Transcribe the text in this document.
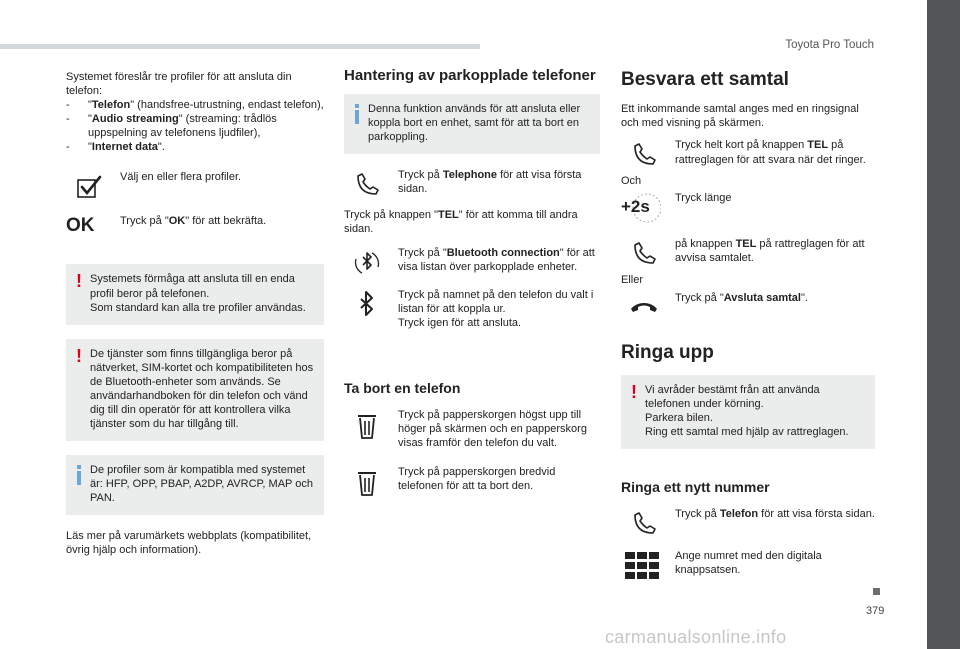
Toyota Pro Touch
379
carmanualsonline.info
Systemet föreslår tre profiler för att ansluta din telefon:
-	"Telefon" (handsfree-utrustning, endast telefon),
-	"Audio streaming" (streaming: trådlös uppspelning av telefonens ljudfiler),
-	"Internet data".
Välj en eller flera profiler.
OK	Tryck på "OK" för att bekräfta.
! Systemets förmåga att ansluta till en enda profil beror på telefonen.
Som standard kan alla tre profiler användas.
! De tjänster som finns tillgängliga beror på nätverket, SIM-kortet och kompatibiliteten hos de Bluetooth-enheter som används. Se användarhandboken för din telefon och vänd dig till din operatör för att kontrollera vilka tjänster som du har tillgång till.
De profiler som är kompatibla med systemet är: HFP, OPP, PBAP, A2DP, AVRCP, MAP och PAN.
Läs mer på varumärkets webbplats (kompatibilitet, övrig hjälp och information).
Hantering av parkopplade telefoner
Denna funktion används för att ansluta eller koppla bort en enhet, samt för att ta bort en parkoppling.
Tryck på Telephone för att visa första sidan.
Tryck på knappen "TEL" för att komma till andra sidan.
Tryck på "Bluetooth connection" för att visa listan över parkopplade enheter.
Tryck på namnet på den telefon du valt i listan för att koppla ur.
Tryck igen för att ansluta.
Ta bort en telefon
Tryck på papperskorgen högst upp till höger på skärmen och en papperskorg visas framför den telefon du valt.
Tryck på papperskorgen bredvid telefonen för att ta bort den.
Besvara ett samtal
Ett inkommande samtal anges med en ringsignal och med visning på skärmen.
Tryck helt kort på knappen TEL på rattreglagen för att svara när det ringer.
Och
+2s Tryck länge
på knappen TEL på rattreglagen för att avvisa samtalet.
Eller
Tryck på "Avsluta samtal".
Ringa upp
! Vi avråder bestämt från att använda telefonen under körning.
Parkera bilen.
Ring ett samtal med hjälp av rattreglagen.
Ringa ett nytt nummer
Tryck på Telefon för att visa första sidan.
Ange numret med den digitala knappsatsen.
